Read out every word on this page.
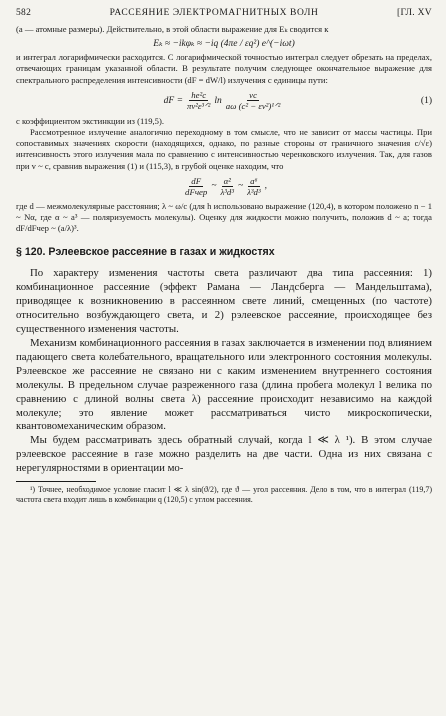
582	РАССЕЯНИЕ ЭЛЕКТРОМАГНИТНЫХ ВОЛН	[ГЛ. XV

(a — атомные размеры). Действительно, в этой области выражение для Eₖ сводится к

Eₖ ≈ −ikφₖ ≈ −iq (4πe / εq²) e^(−iωt)

и интеграл логарифмически расходится. С логарифмической точностью интеграл следует обрезать на пределах, отвечающих границам указанной области. В результате получим следующее окончательное выражение для спектрального распределения интенсивности (dF = dW/l) излучения с единицы пути:

dF = $\frac{\text{he²c}}{\text{πv²ε³ᐟ²}}$ $\ln \frac{vc}{\text{aω (c² − εv²)¹ᐟ²}}$	(1)

с коэффициентом экстинкции из (119,5).

Рассмотренное излучение аналогично переходному в том смысле, что не зависит от массы частицы. При сопоставимых значениях скорости (находящихся, однако, по разные стороны от граничного значения c/√ε) интенсивность этого излучения мала по сравнению с интенсивностью черенковского излучения. Так, для газов при v ~ c, сравнив выражения (1) и (115,3), в грубой оценке находим, что

$\frac{dF}{\text{dFчер}}$ ~ $\frac{\text{α²}}{\text{λ³d³}}$ ~ $\frac{\text{a⁶}}{\text{λ³d³}}$ ,

где d — межмолекулярные расстояния; λ ~ ω/c (для h использовано выражение (120,4), в котором положено n − 1 ~ Nα, где α ~ a³ — поляризуемость молекулы). Оценку для жидкости можно получить, положив d ~ a; тогда dF/dFчер ~ (a/λ)³.

§ 120. Рэлеевское рассеяние в газах и жидкостях

По характеру изменения частоты света различают два типа рассеяния: 1) комбинационное рассеяние (эффект Рамана — Ландсберга — Мандельштама), приводящее к возникновению в рассеянном свете линий, смещенных (по частоте) относительно возбуждающего света, и 2) рэлеевское рассеяние, происходящее без существенного изменения частоты.

Механизм комбинационного рассеяния в газах заключается в изменении под влиянием падающего света колебательного, вращательного или электронного состояния молекулы. Рэлеевское же рассеяние не связано ни с каким изменением внутреннего состояния молекулы. В предельном случае разреженного газа (длина пробега молекул l велика по сравнению с длиной волны света λ) рассеяние происходит независимо на каждой молекуле; это явление может рассматриваться чисто микроскопически, квантовомеханическим образом.

Мы будем рассматривать здесь обратный случай, когда l ≪ λ ¹). В этом случае рэлеевское рассеяние в газе можно разделить на две части. Одна из них связана с нерегулярностями в ориентации мо-

¹) Точнее, необходимое условие гласит l ≪ λ sin(ϑ/2), где ϑ — угол рассеяния. Дело в том, что в интеграл (119,7) частота света входит лишь в комбинации q (120,5) с углом рассеяния.
